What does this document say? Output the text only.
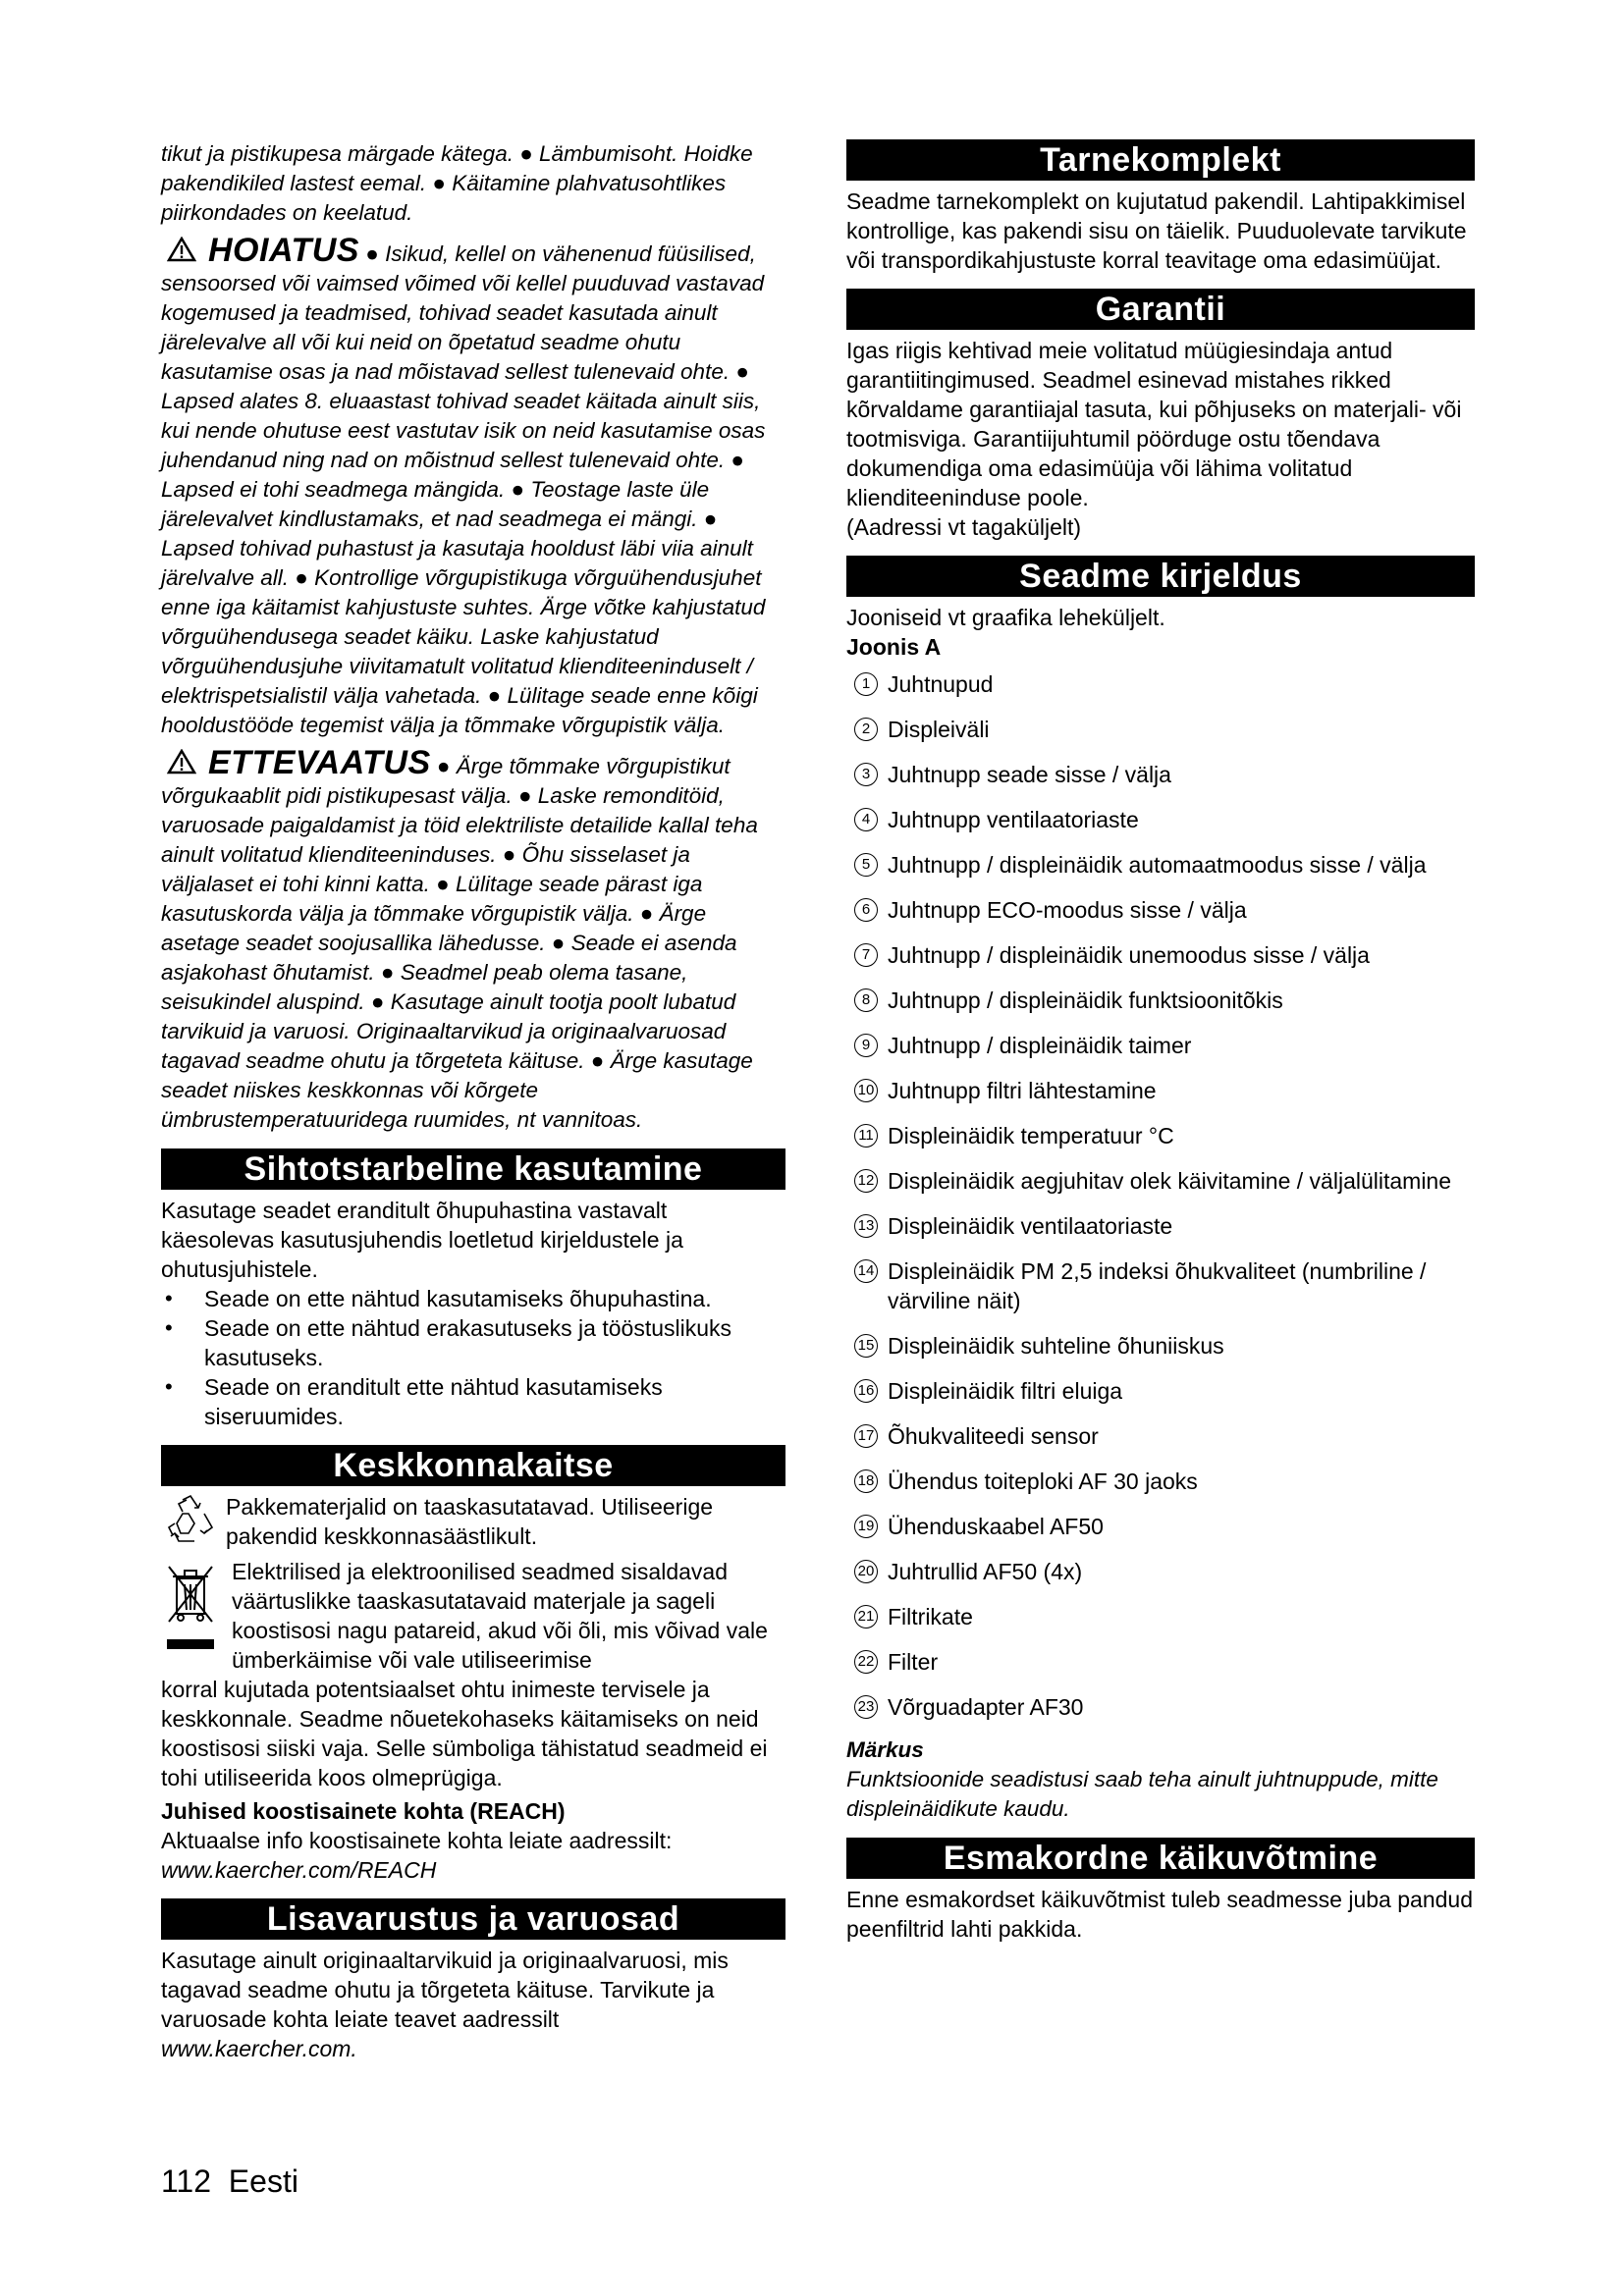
tikut ja pistikupesa märgade kätega. ● Lämbumisoht. Hoidke pakendikiled lastest eemal. ● Käitamine plahvatusohtlikes piirkondades on keelatud.

HOIATUS ● Isikud, kellel on vähenenud füüsilised, sensoorsed või vaimsed võimed või kellel puuduvad vastavad kogemused ja teadmised, tohivad seadet kasutada ainult järelevalve all või kui neid on õpetatud seadme ohutu kasutamise osas ja nad mõistavad sellest tulenevaid ohte. ● Lapsed alates 8. eluaastast tohivad seadet käitada ainult siis, kui nende ohutuse eest vastutav isik on neid kasutamise osas juhendanud ning nad on mõistnud sellest tulenevaid ohte. ● Lapsed ei tohi seadmega mängida. ● Teostage laste üle järelevalvet kindlustamaks, et nad seadmega ei mängi. ● Lapsed tohivad puhastust ja kasutaja hooldust läbi viia ainult järelvalve all. ● Kontrollige võrgupistikuga võrguühendusjuhet enne iga käitamist kahjustuste suhtes. Ärge võtke kahjustatud võrguühendusega seadet käiku. Laske kahjustatud võrguühendusjuhe viivitamatult volitatud klienditeeninduselt / elektrispetsialistil välja vahetada. ● Lülitage seade enne kõigi hooldustööde tegemist välja ja tõmmake võrgupistik välja.

ETTEVAATUS ● Ärge tõmmake võrgupistikut võrgukaablit pidi pistikupesast välja. ● Laske remonditöid, varuosade paigaldamist ja töid elektriliste detailide kallal teha ainult volitatud klienditeeninduses. ● Õhu sisselaset ja väljalaset ei tohi kinni katta. ● Lülitage seade pärast iga kasutuskorda välja ja tõmmake võrgupistik välja. ● Ärge asetage seadet soojusallika lähedusse. ● Seade ei asenda asjakohast õhutamist. ● Seadmel peab olema tasane, seisukindel aluspind. ● Kasutage ainult tootja poolt lubatud tarvikuid ja varuosi. Originaaltarvikud ja originaalvaruosad tagavad seadme ohutu ja tõrgeteta käituse. ● Ärge kasutage seadet niiskes keskkonnas või kõrgete ümbrustemperatuuridega ruumides, nt vannitoas.

Sihtotstarbeline kasutamine

Kasutage seadet eranditult õhupuhastina vastavalt käesolevas kasutusjuhendis loetletud kirjeldustele ja ohutusjuhistele.

• Seade on ette nähtud kasutamiseks õhupuhastina.
• Seade on ette nähtud erakasutuseks ja tööstuslikuks kasutuseks.
• Seade on eranditult ette nähtud kasutamiseks siseruumides.
Keskkonnakaitse
Pakkematerjalid on taaskasutatavad. Utiliseerige pakendid keskkonnasäästlikult.
Elektrilised ja elektroonilised seadmed sisaldavad väärtuslikke taaskasutatavaid materjale ja sageli koostisosi nagu patareid, akud või õli, mis võivad vale ümberkäimise või vale utiliseerimise
korral kujutada potentsiaalset ohtu inimeste tervisele ja keskkonnale. Seadme nõuetekohaseks käitamiseks on neid koostisosi siiski vaja. Selle sümboliga tähistatud seadmeid ei tohi utiliseerida koos olmeprügiga.

Juhised koostisainete kohta (REACH)

Aktuaalse info koostisainete kohta leiate aadressilt:

www.kaercher.com/REACH

Lisavarustus ja varuosad

Kasutage ainult originaaltarvikuid ja originaalvaruosi, mis tagavad seadme ohutu ja tõrgeteta käituse. Tarvikute ja varuosade kohta leiate teavet aadressilt

www.kaercher.com.

Tarnekomplekt

Seadme tarnekomplekt on kujutatud pakendil. Lahtipakkimisel kontrollige, kas pakendi sisu on täielik. Puuduolevate tarvikute või transpordikahjustuste korral teavitage oma edasimüüjat.

Garantii

Igas riigis kehtivad meie volitatud müügiesindaja antud garantiitingimused. Seadmel esinevad mistahes rikked kõrvaldame garantiiajal tasuta, kui põhjuseks on materjali- või tootmisviga. Garantiijuhtumil pöörduge ostu tõendava dokumendiga oma edasimüüja või lähima volitatud klienditeeninduse poole.

(Aadressi vt tagaküljelt)

Seadme kirjeldus

Jooniseid vt graafika leheküljelt.

Joonis A

1 Juhtnupud
2 Displeiväli
3 Juhtnupp seade sisse / välja
4 Juhtnupp ventilaatoriaste
5 Juhtnupp / displeinäidik automaatmoodus sisse / välja
6 Juhtnupp ECO-moodus sisse / välja
7 Juhtnupp / displeinäidik unemoodus sisse / välja
8 Juhtnupp / displeinäidik funktsioonitõkis
9 Juhtnupp / displeinäidik taimer
10 Juhtnupp filtri lähtestamine
11 Displeinäidik temperatuur °C
12 Displeinäidik aegjuhitav olek käivitamine / väljalülitamine
13 Displeinäidik ventilaatoriaste
14 Displeinäidik PM 2,5 indeksi õhukvaliteet (numbriline / värviline näit)
15 Displeinäidik suhteline õhuniiskus
16 Displeinäidik filtri eluiga
17 Õhukvaliteedi sensor
18 Ühendus toiteploki AF 30 jaoks
19 Ühenduskaabel AF50
20 Juhtrullid AF50 (4x)
21 Filtrikate
22 Filter
23 Võrguadapter AF30

Märkus

Funktsioonide seadistusi saab teha ainult juhtnuppude, mitte displeinäidikute kaudu.

Esmakordne käikuvõtmine

Enne esmakordset käikuvõtmist tuleb seadmesse juba pandud peenfiltrid lahti pakkida.

112 Eesti
